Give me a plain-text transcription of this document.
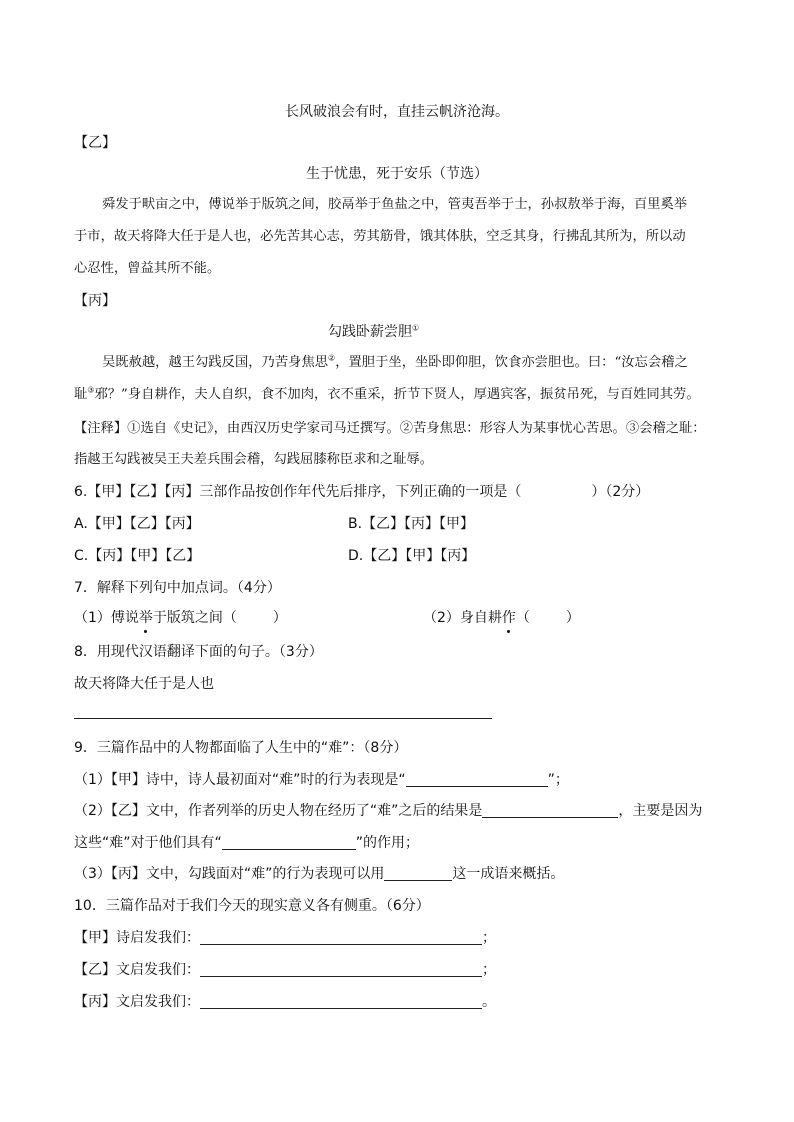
长风破浪会有时，直挂云帆济沧海。
【乙】
生于忧患，死于安乐（节选）
舜发于畎亩之中，傅说举于版筑之间，胶鬲举于鱼盐之中，管夷吾举于士，孙叔敖举于海，百里奚举
于市，故天将降大任于是人也，必先苦其心志，劳其筋骨，饿其体肤，空乏其身，行拂乱其所为，所以动
心忍性，曾益其所不能。
【丙】
勾践卧薪尝胆①
吴既赦越，越王勾践反国，乃苦身焦思②，置胆于坐，坐卧即仰胆，饮食亦尝胆也。曰：“汝忘会稽之
耻③邪？”身自耕作，夫人自织，食不加肉，衣不重采，折节下贤人，厚遇宾客，振贫吊死，与百姓同其劳。
【注释】①选自《史记》，由西汉历史学家司马迁撰写。②苦身焦思：形容人为某事忧心苦思。③会稽之耻：
指越王勾践被吴王夫差兵围会稽，勾践屈膝称臣求和之耻辱。
6.【甲】【乙】【丙】三部作品按创作年代先后排序，下列正确的一项是（	）（2分）
A.【甲】【乙】【丙】	B.【乙】【丙】【甲】
C.【丙】【甲】【乙】	D.【乙】【甲】【丙】
7．解释下列句中加点词。（4分）
（1）傅说举于版筑之间（	）	（2）身自耕作（	）
8．用现代汉语翻译下面的句子。（3分）
故天将降大任于是人也
9．三篇作品中的人物都面临了人生中的“难”：（8分）
（1）【甲】诗中，诗人最初面对“难”时的行为表现是“	”；
（2）【乙】文中，作者列举的历史人物在经历了“难”之后的结果是	，主要是因为
这些“难”对于他们具有“	”的作用；
（3）【丙】文中，勾践面对“难”的行为表现可以用	这一成语来概括。
10．三篇作品对于我们今天的现实意义各有侧重。（6分）
【甲】诗启发我们：	；
【乙】文启发我们：	；
【丙】文启发我们：	。
